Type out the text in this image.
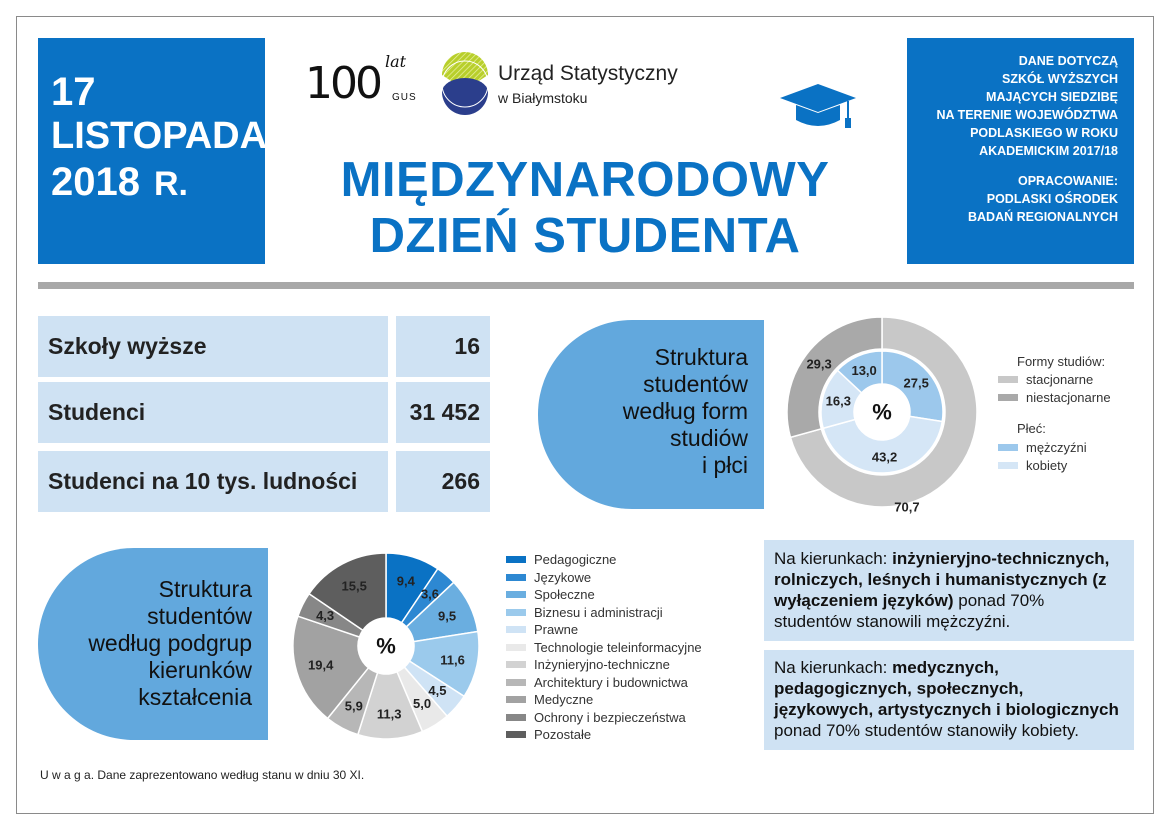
17
LISTOPADA
2018 R.
100 lat
GUS
Urząd Statystyczny
w Białymstoku
MIĘDZYNARODOWY
DZIEŃ STUDENTA
DANE DOTYCZĄ
SZKÓŁ WYŻSZYCH
MAJĄCYCH SIEDZIBĘ
NA TERENIE WOJEWÓDZTWA
PODLASKIEGO W ROKU
AKADEMICKIM 2017/18
OPRACOWANIE:
PODLASKI OŚRODEK
BADAŃ REGIONALNYCH
Szkoły wyższe	16
Studenci	31 452
Studenci na 10 tys. ludności	266
Struktura
studentów
według form
studiów
i płci
70,7
29,3
27,5
43,2
16,3
13,0
%
Formy studiów:
stacjonarne
niestacjonarne
Płeć:
mężczyźni
kobiety
Struktura
studentów
według podgrup
kierunków
kształcenia
9,4
3,6
9,5
11,6
4,5
5,0
11,3
5,9
19,4
4,3
15,5
%
Pedagogiczne
Językowe
Społeczne
Biznesu i administracji
Prawne
Technologie teleinformacyjne
Inżynieryjno-techniczne
Architektury i budownictwa
Medyczne
Ochrony i bezpieczeństwa
Pozostałe
Na kierunkach: inżynieryjno-technicznych, rolniczych, leśnych i humanistycznych (z wyłączeniem języków) ponad 70% studentów stanowili mężczyźni.
Na kierunkach: medycznych, pedagogicznych, społecznych, językowych, artystycznych i biologicznych ponad 70% studentów stanowiły kobiety.
U w a g a. Dane zaprezentowano według stanu w dniu 30 XI.
